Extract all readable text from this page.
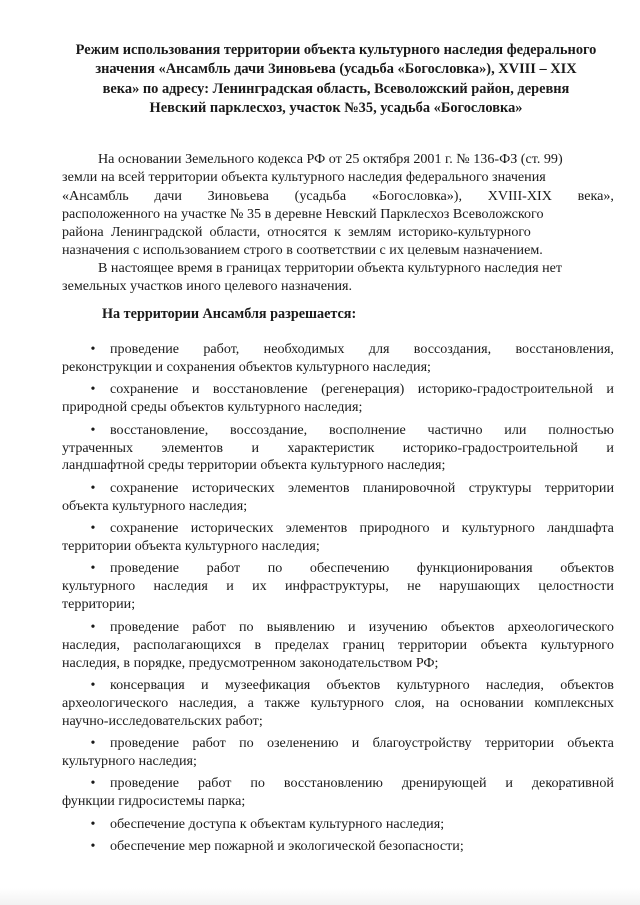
Режим использования территории объекта культурного наследия федерального
значения «Ансамбль дачи Зиновьева (усадьба «Богословка»), XVIII – XIX
века» по адресу: Ленинградская область, Всеволожский район, деревня
Невский парклесхоз, участок №35, усадьба «Богословка»
На основании Земельного кодекса РФ от 25 октября 2001 г. № 136-ФЗ (ст. 99)
земли на всей территории объекта культурного наследия федерального значения
«Ансамбль дачи Зиновьева (усадьба «Богословка»), XVIII-XIX века»,
расположенного на участке № 35 в деревне Невский Парклесхоз Всеволожского
района Ленинградской области, относятся к землям историко-культурного
назначения с использованием строго в соответствии с их целевым назначением.
В настоящее время в границах территории объекта культурного наследия нет
земельных участков иного целевого назначения.
На территории Ансамбля разрешается:
•	проведение работ, необходимых для воссоздания, восстановления,
реконструкции и сохранения объектов культурного наследия;
•	сохранение и восстановление (регенерация) историко-градостроительной и
природной среды объектов культурного наследия;
•	восстановление, воссоздание, восполнение частично или полностью
утраченных элементов и характеристик историко-градостроительной и
ландшафтной среды территории объекта культурного наследия;
•	сохранение исторических элементов планировочной структуры территории
объекта культурного наследия;
•	сохранение исторических элементов природного и культурного ландшафта
территории объекта культурного наследия;
•	проведение работ по обеспечению функционирования объектов
культурного наследия и их инфраструктуры, не нарушающих целостности
территории;
•	проведение работ по выявлению и изучению объектов археологического
наследия, располагающихся в пределах границ территории объекта культурного
наследия, в порядке, предусмотренном законодательством РФ;
•	консервация и музеефикация объектов культурного наследия, объектов
археологического наследия, а также культурного слоя, на основании комплексных
научно-исследовательских работ;
•	проведение работ по озеленению и благоустройству территории объекта
культурного наследия;
•	проведение работ по восстановлению дренирующей и декоративной
функции гидросистемы парка;
•	обеспечение доступа к объектам культурного наследия;
•	обеспечение мер пожарной и экологической безопасности;
